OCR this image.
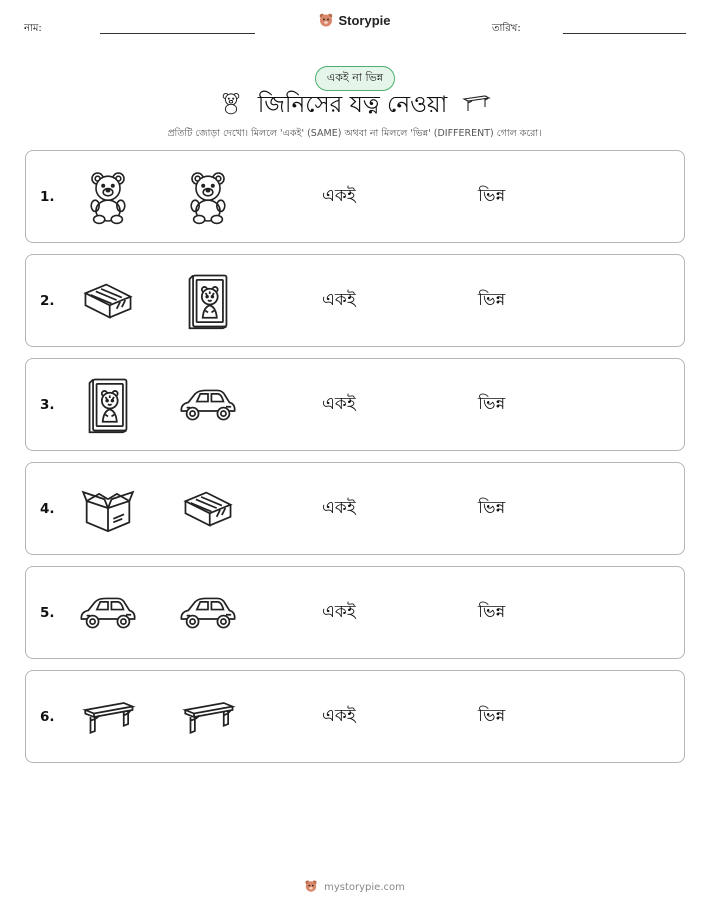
নাম:
Storypie
তারিখ:
একই না ভিন্ন
জিনিসের যত্ন নেওয়া
প্রতিটি জোড়া দেখো। মিললে 'একই' (SAME) অথবা না মিললে 'ভিন্ন' (DIFFERENT) গোল করো।
1.	একই	ভিন্ন
2.	একই	ভিন্ন
3.	একই	ভিন্ন
4.	একই	ভিন্ন
5.	একই	ভিন্ন
6.	একই	ভিন্ন
mystorypie.com
